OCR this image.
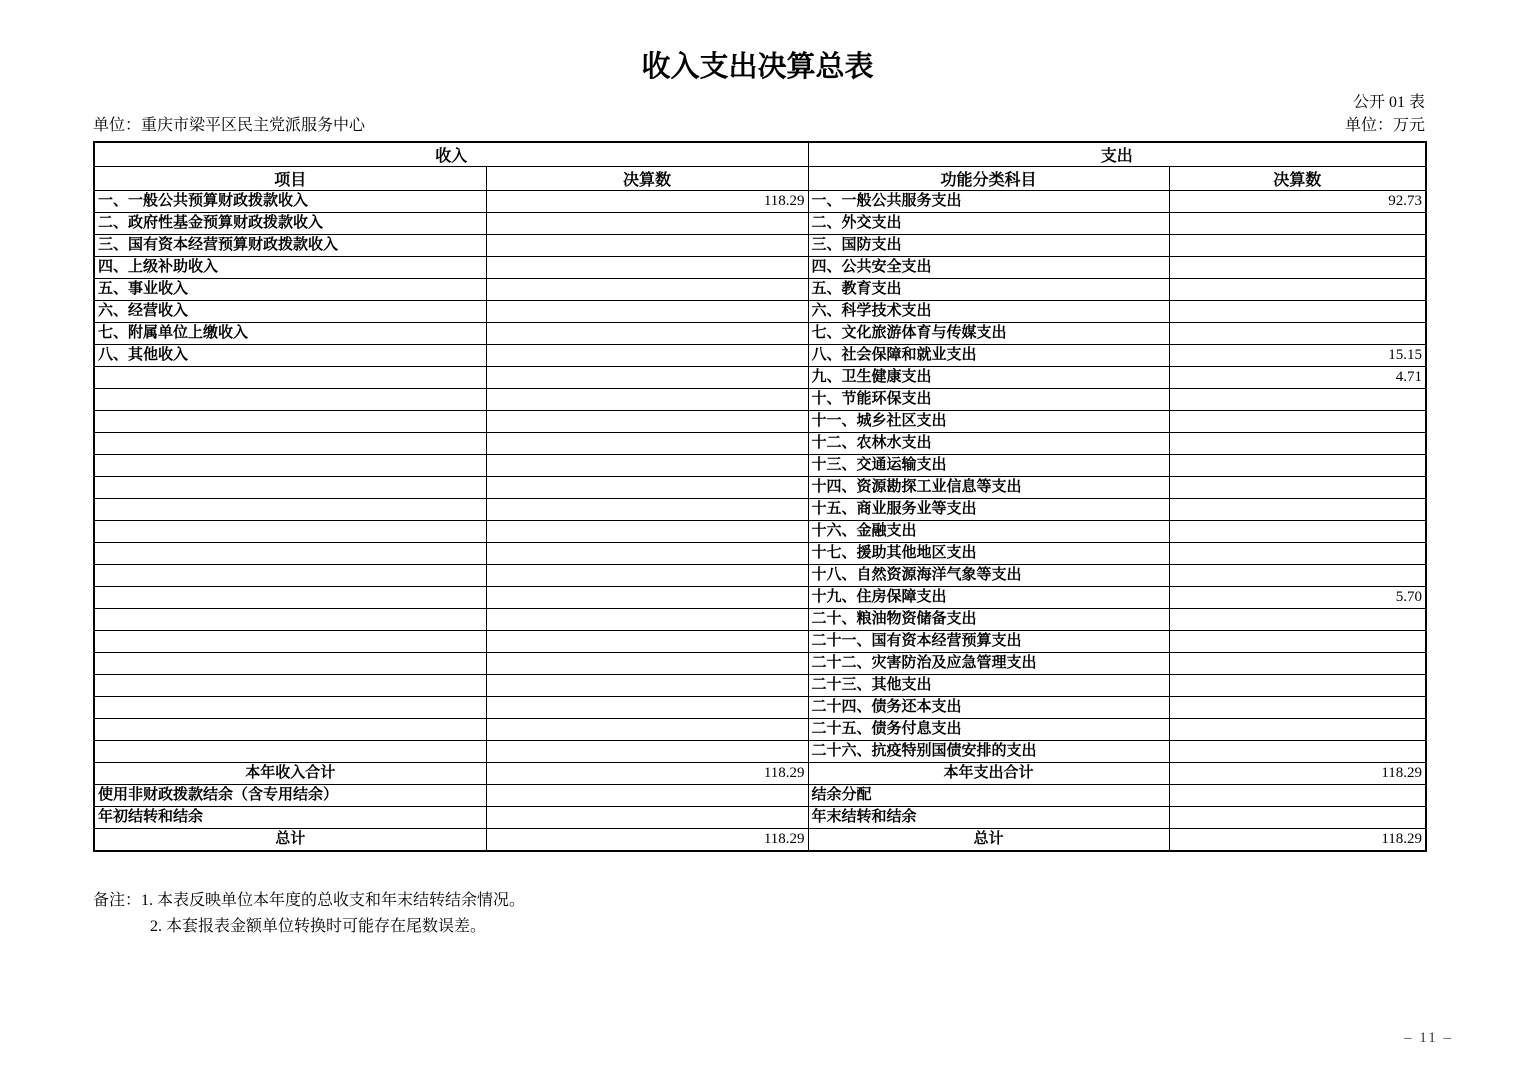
收入支出决算总表
公开 01 表
单位：重庆市梁平区民主党派服务中心	单位：万元
收入		支出	
项目	决算数	功能分类科目	决算数
一、一般公共预算财政拨款收入	118.29	一、一般公共服务支出	92.73
二、政府性基金预算财政拨款收入		二、外交支出	
三、国有资本经营预算财政拨款收入		三、国防支出	
四、上级补助收入		四、公共安全支出	
五、事业收入		五、教育支出	
六、经营收入		六、科学技术支出	
七、附属单位上缴收入		七、文化旅游体育与传媒支出	
八、其他收入		八、社会保障和就业支出	15.15
		九、卫生健康支出	4.71
		十、节能环保支出	
		十一、城乡社区支出	
		十二、农林水支出	
		十三、交通运输支出	
		十四、资源勘探工业信息等支出	
		十五、商业服务业等支出	
		十六、金融支出	
		十七、援助其他地区支出	
		十八、自然资源海洋气象等支出	
		十九、住房保障支出	5.70
		二十、粮油物资储备支出	
		二十一、国有资本经营预算支出	
		二十二、灾害防治及应急管理支出	
		二十三、其他支出	
		二十四、债务还本支出	
		二十五、债务付息支出	
		二十六、抗疫特别国债安排的支出	
本年收入合计	118.29	本年支出合计	118.29
使用非财政拨款结余（含专用结余）		结余分配	
年初结转和结余		年末结转和结余	
总计	118.29	总计	118.29
备注：1. 本表反映单位本年度的总收支和年末结转结余情况。
2. 本套报表金额单位转换时可能存在尾数误差。
– 11 –
